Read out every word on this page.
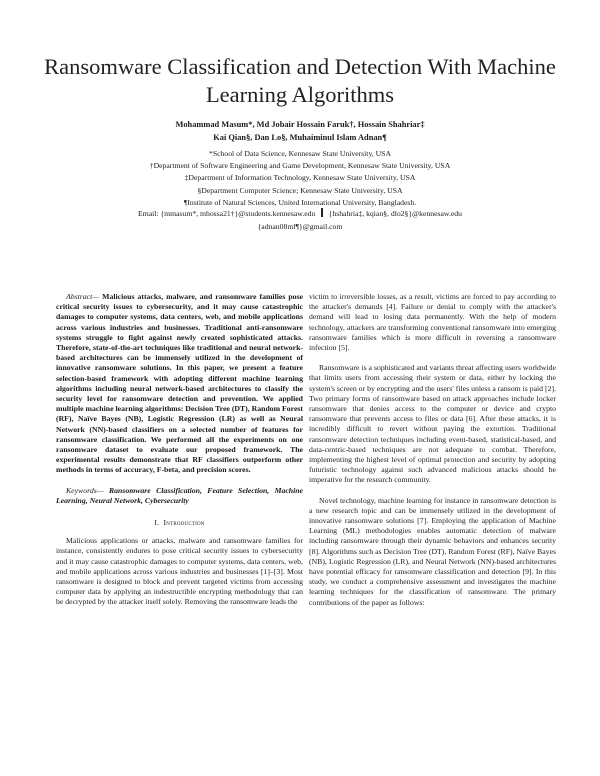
Ransomware Classification and Detection With Machine Learning Algorithms
Mohammad Masum*, Md Jobair Hossain Faruk†, Hossain Shahriar‡
Kai Qian§, Dan Lo§, Muhaiminul Islam Adnan¶
*School of Data Science, Kennesaw State University, USA
†Department of Software Engineering and Game Development, Kennesaw State University, USA
‡Department of Information Technology, Kennesaw State University, USA
§Department Computer Science; Kennesaw State University, USA
¶Institute of Natural Sciences, United International University, Bangladesh.
Email: {mmasum*, mhossa21†}@students.kennesaw.edu {hshahria‡, kqian§, dlo2§}@kennesaw.edu
{adnan08ml¶}@gmail.com

Abstract— Malicious attacks, malware, and ransomware families pose critical security issues to cybersecurity, and it may cause catastrophic damages to computer systems, data centers, web, and mobile applications across various industries and businesses. Traditional anti-ransomware systems struggle to fight against newly created sophisticated attacks. Therefore, state-of-the-art techniques like traditional and neural network-based architectures can be immensely utilized in the development of innovative ransomware solutions. In this paper, we present a feature selection-based framework with adopting different machine learning algorithms including neural network-based architectures to classify the security level for ransomware detection and prevention. We applied multiple machine learning algorithms: Decision Tree (DT), Random Forest (RF), Naïve Bayes (NB), Logistic Regression (LR) as well as Neural Network (NN)-based classifiers on a selected number of features for ransomware classification. We performed all the experiments on one ransomware dataset to evaluate our proposed framework. The experimental results demonstrate that RF classifiers outperform other methods in terms of accuracy, F-beta, and precision scores.

Keywords— Ransomware Classification, Feature Selection, Machine Learning, Neural Network, Cybersecurity

I. Introduction

Malicious applications or attacks, malware and ransomware families for instance, consistently endures to pose critical security issues to cybersecurity and it may cause catastrophic damages to computer systems, data centers, web, and mobile applications across various industries and businesses [1]–[3]. Most ransomware is designed to block and prevent targeted victims from accessing computer data by applying an indestructible encrypting methodology that can be decrypted by the attacker itself solely. Removing the ransomware leads the

victim to irreversible losses, as a result, victims are forced to pay according to the attacker's demands [4]. Failure or denial to comply with the attacker's demand will lead to losing data permanently. With the help of modern technology, attackers are transforming conventional ransomware into emerging ransomware families which is more difficult in reversing a ransomware infection [5].

Ransomware is a sophisticated and variants threat affecting users worldwide that limits users from accessing their system or data, either by locking the system's screen or by encrypting and the users' files unless a ransom is paid [2]. Two primary forms of ransomware based on attack approaches include locker ransomware that denies access to the computer or device and crypto ransomware that prevents access to files or data [6]. After these attacks, it is incredibly difficult to revert without paying the extortion. Traditional ransomware detection techniques including event-based, statistical-based, and data-centric-based techniques are not adequate to combat. Therefore, implementing the highest level of optimal protection and security by adopting futuristic technology against such advanced malicious attacks should be imperative for the research community.

Novel technology, machine learning for instance in ransomware detection is a new research topic and can be immensely utilized in the development of innovative ransomware solutions [7]. Employing the application of Machine Learning (ML) methodologies enables automatic detection of malware including ransomware through their dynamic behaviors and enhances security [8]. Algorithms such as Decision Tree (DT), Random Forest (RF), Naïve Bayes (NB), Logistic Regression (LR), and Neural Network (NN)-based architectures have potential efficacy for ransomware classification and detection [9]. In this study, we conduct a comprehensive assessment and investigates the machine learning techniques for the classification of ransomware. The primary contributions of the paper as follows:
